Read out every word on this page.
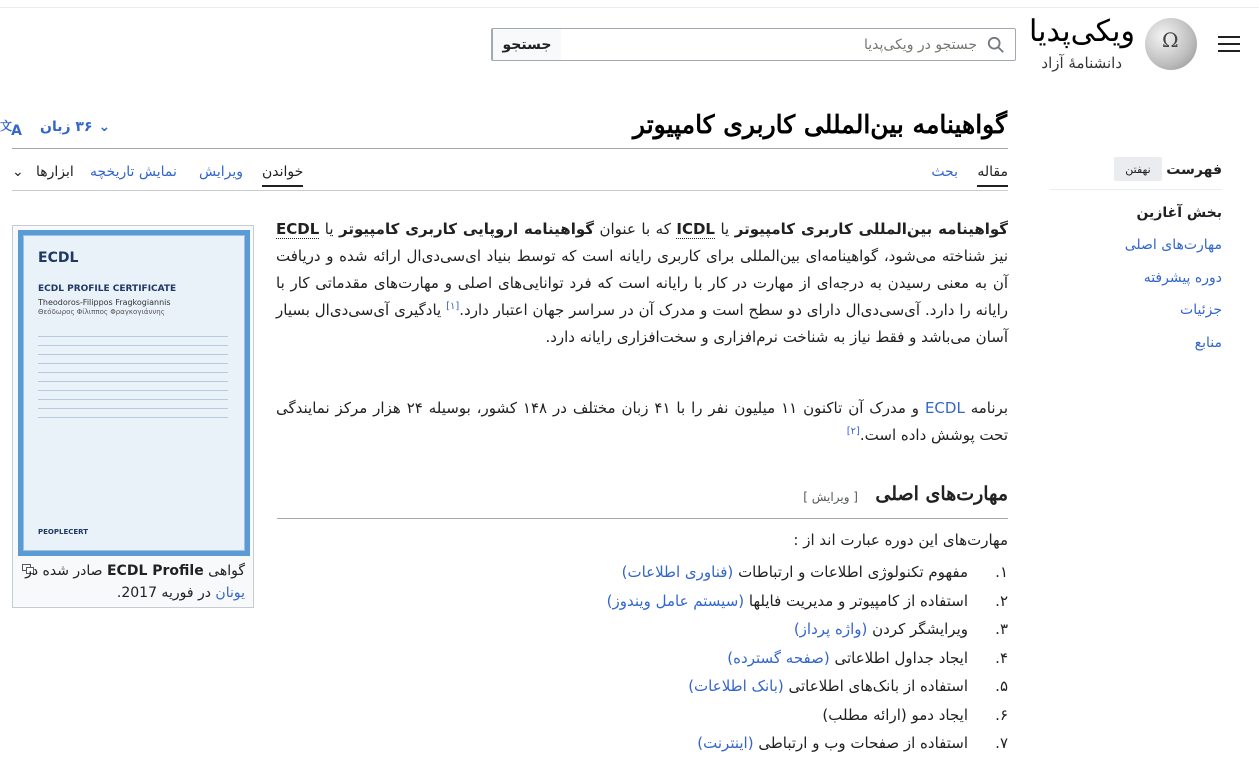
Ω
ویکی‌پدیا
دانشنامهٔ آزاد
جستجو
جستجو در ویکی‌پدیا
گواهینامه بین‌المللی کاربری کامپیوتر
⌄
۳۶ زبان
文 A
مقاله
بحث
خواندن
ویرایش
نمایش تاریخچه
ابزارها
⌄	فهرست
نهفتن
بخش آغازین
مهارت‌های اصلی
دوره پیشرفته
جزئیات
منابع
ECDL
ECDL PROFILE CERTIFICATE
Theodoros-Filippos Fragkogiannis
Θεόδωρος Φίλιππος Φραγκογιάννης
PEOPLECERT
گواهی ECDL Profile صادر شده در یونان در فوریه 2017.

گواهینامه بین‌المللی کاربری کامپیوتر یا ICDL که با عنوان گواهینامه اروپایی کاربری کامپیوتر یا ECDL نیز شناخته می‌شود، گواهینامه‌ای بین‌المللی برای کاربری رایانه است که توسط بنیاد ای‌سی‌دی‌ال ارائه شده و دریافت آن به معنی رسیدن به درجه‌ای از مهارت در کار با رایانه است که فرد توانایی‌های اصلی و مهارت‌های مقدماتی کار با رایانه را دارد. آی‌سی‌دی‌ال دارای دو سطح است و مدرک آن در سراسر جهان اعتبار دارد.[۱] یادگیری آی‌سی‌دی‌ال بسیار آسان می‌باشد و فقط نیاز به شناخت نرم‌افزاری و سخت‌افزاری رایانه دارد.

برنامه ECDL و مدرک آن تاکنون ۱۱ میلیون نفر را با ۴۱ زبان مختلف در ۱۴۸ کشور، بوسیله ۲۴ هزار مرکز نمایندگی تحت پوشش داده است.[۲]

مهارت‌های اصلی
[ ویرایش ]

مهارت‌های این دوره عبارت اند از :

۱.
مفهوم تکنولوژی اطلاعات و ارتباطات (فناوری اطلاعات)
۲.
استفاده از کامپیوتر و مدیریت فایلها (سیستم عامل ویندوز)
۳.
ویرایشگر کردن (واژه پرداز)
۴.
ایجاد جداول اطلاعاتی (صفحه گسترده)
۵.
استفاده از بانک‌های اطلاعاتی (بانک اطلاعات)
۶.
ایجاد دمو (ارائه مطلب)
۷.
استفاده از صفحات وب و ارتباطی (اینترنت)
